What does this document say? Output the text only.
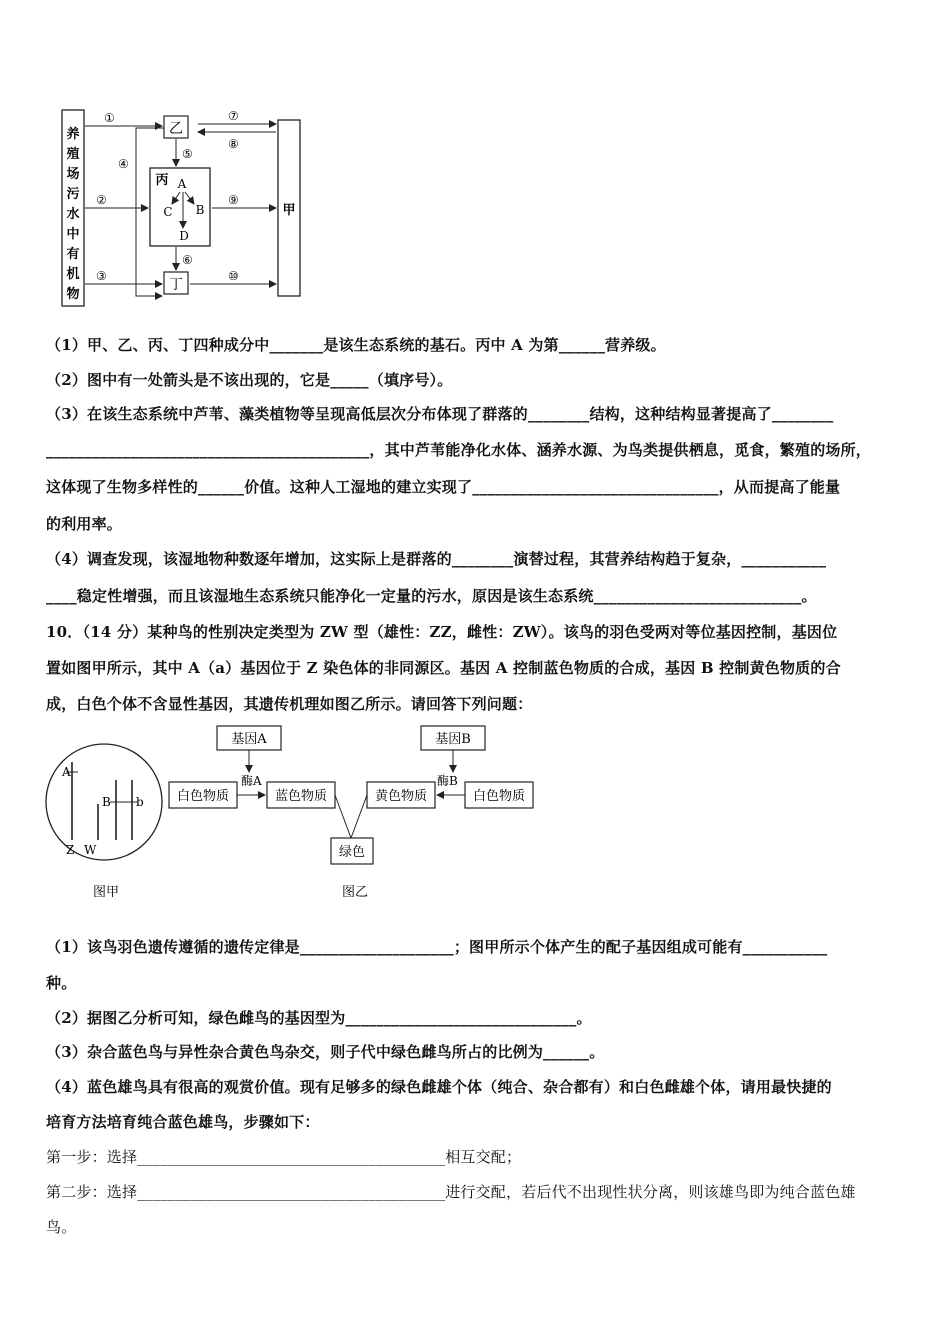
养
殖
场
污
水
中
有
机
物
乙
丙 A
B
C
D
丁
甲
①
②
③
④
⑤
⑥
⑦
⑧
⑨
⑩
（1）甲、乙、丙、丁四种成分中_______是该生态系统的基石。丙中 A 为第______营养级。
（2）图中有一处箭头是不该出现的，它是_____（填序号）。
（3）在该生态系统中芦苇、藻类植物等呈现高低层次分布体现了群落的________结构，这种结构显著提高了________
__________________________________________，其中芦苇能净化水体、涵养水源、为鸟类提供栖息，觅食，繁殖的场所，
这体现了生物多样性的______价值。这种人工湿地的建立实现了________________________________，从而提高了能量
的利用率。
（4）调查发现，该湿地物种数逐年增加，这实际上是群落的________演替过程，其营养结构趋于复杂，___________
____稳定性增强，而且该湿地生态系统只能净化一定量的污水，原因是该生态系统___________________________。
10．（14 分）某种鸟的性别决定类型为 ZW 型（雄性：ZZ，雌性：ZW）。该鸟的羽色受两对等位基因控制，基因位
置如图甲所示，其中 A（a）基因位于 Z 染色体的非同源区。基因 A 控制蓝色物质的合成，基因 B 控制黄色物质的合
成，白色个体不含显性基因，其遗传机理如图乙所示。请回答下列问题：
A
B b
Z W
图甲
基因A
酶A
基因B
酶B
白色物质	蓝色物质	黄色物质	白色物质
绿色
图乙
（1）该鸟羽色遗传遵循的遗传定律是____________________；图甲所示个体产生的配子基因组成可能有___________
种。
（2）据图乙分析可知，绿色雌鸟的基因型为______________________________。
（3）杂合蓝色鸟与异性杂合黄色鸟杂交，则子代中绿色雌鸟所占的比例为______。
（4）蓝色雄鸟具有很高的观赏价值。现有足够多的绿色雌雄个体（纯合、杂合都有）和白色雌雄个体，请用最快捷的
培育方法培育纯合蓝色雄鸟，步骤如下：
第一步：选择________________________________________相互交配；
第二步：选择________________________________________进行交配，若后代不出现性状分离，则该雄鸟即为纯合蓝色雄
鸟。
